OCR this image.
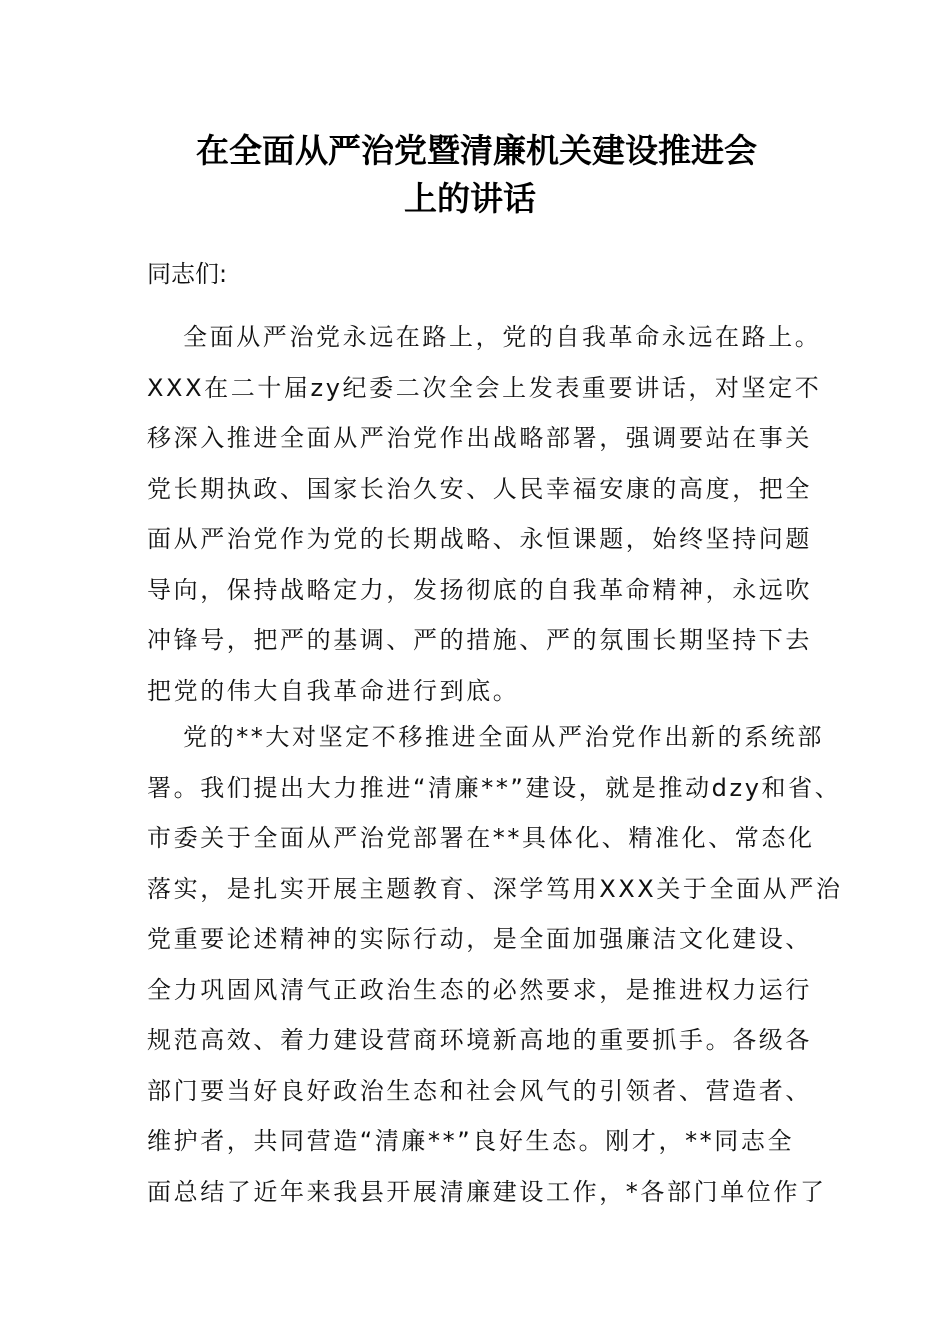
在全面从严治党暨清廉机关建设推进会
上的讲话
同志们:
全面从严治党永远在路上，党的自我革命永远在路上。
XXX在二十届zy纪委二次全会上发表重要讲话，对坚定不
移深入推进全面从严治党作出战略部署，强调要站在事关
党长期执政、国家长治久安、人民幸福安康的高度，把全
面从严治党作为党的长期战略、永恒课题，始终坚持问题
导向，保持战略定力，发扬彻底的自我革命精神，永远吹
冲锋号，把严的基调、严的措施、严的氛围长期坚持下去
把党的伟大自我革命进行到底。
党的**大对坚定不移推进全面从严治党作出新的系统部
署。我们提出大力推进“清廉**”建设，就是推动dzy和省、
市委关于全面从严治党部署在**具体化、精准化、常态化
落实，是扎实开展主题教育、深学笃用XXX关于全面从严治
党重要论述精神的实际行动，是全面加强廉洁文化建设、
全力巩固风清气正政治生态的必然要求，是推进权力运行
规范高效、着力建设营商环境新高地的重要抓手。各级各
部门要当好良好政治生态和社会风气的引领者、营造者、
维护者，共同营造“清廉**”良好生态。刚才，**同志全
面总结了近年来我县开展清廉建设工作，*各部门单位作了
